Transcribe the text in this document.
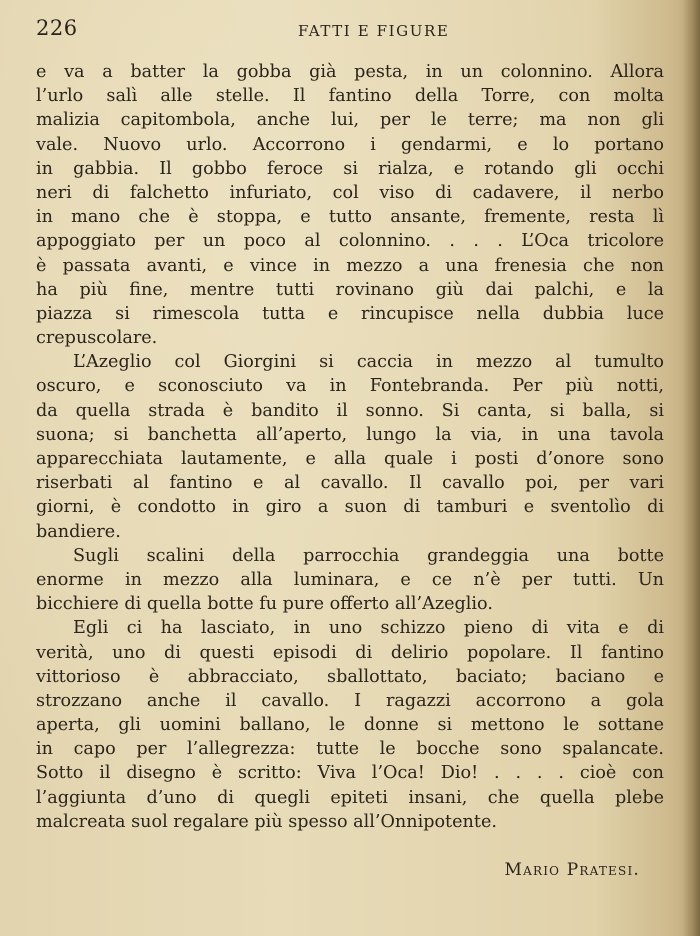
226	FATTI E FIGURE
e va a batter la gobba già pesta, in un colonnino. Allora
l’urlo salì alle stelle. Il fantino della Torre, con molta
malizia capitombola, anche lui, per le terre; ma non gli
vale. Nuovo urlo. Accorrono i gendarmi, e lo portano
in gabbia. Il gobbo feroce si rialza, e rotando gli occhi
neri di falchetto infuriato, col viso di cadavere, il nerbo
in mano che è stoppa, e tutto ansante, fremente, resta lì
appoggiato per un poco al colonnino. . . . L’Oca tricolore
è passata avanti, e vince in mezzo a una frenesia che non
ha più fine, mentre tutti rovinano giù dai palchi, e la
piazza si rimescola tutta e rincupisce nella dubbia luce
crepuscolare.
L’Azeglio col Giorgini si caccia in mezzo al tumulto
oscuro, e sconosciuto va in Fontebranda. Per più notti,
da quella strada è bandito il sonno. Si canta, si balla, si
suona; si banchetta all’aperto, lungo la via, in una tavola
apparecchiata lautamente, e alla quale i posti d’onore sono
riserbati al fantino e al cavallo. Il cavallo poi, per vari
giorni, è condotto in giro a suon di tamburi e sventolìo di
bandiere.
Sugli scalini della parrocchia grandeggia una botte
enorme in mezzo alla luminara, e ce n’è per tutti. Un
bicchiere di quella botte fu pure offerto all’Azeglio.
Egli ci ha lasciato, in uno schizzo pieno di vita e di
verità, uno di questi episodi di delirio popolare. Il fantino
vittorioso è abbracciato, sballottato, baciato; baciano e
strozzano anche il cavallo. I ragazzi accorrono a gola
aperta, gli uomini ballano, le donne si mettono le sottane
in capo per l’allegrezza: tutte le bocche sono spalancate.
Sotto il disegno è scritto: Viva l’Oca! Dio! . . . . cioè con
l’aggiunta d’uno di quegli epiteti insani, che quella plebe
malcreata suol regalare più spesso all’Onnipotente.
Mario Pratesi.
